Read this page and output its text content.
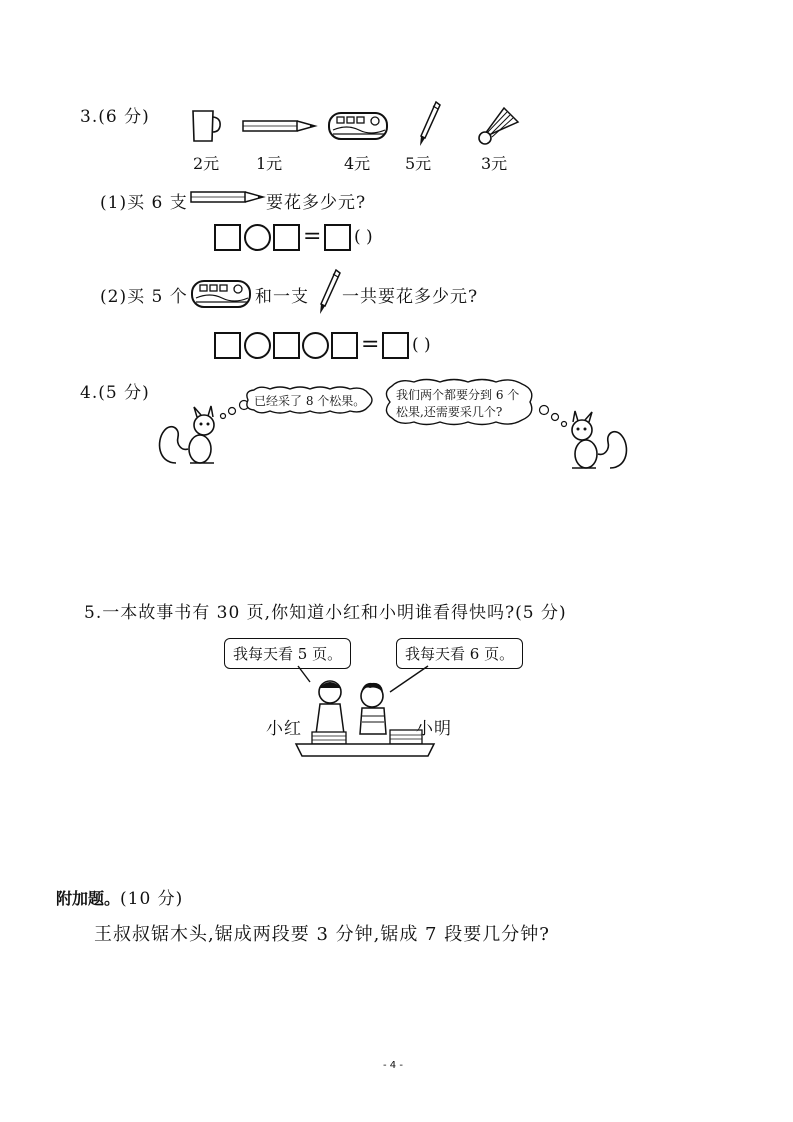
3.(6 分)
2元 1元	4元 5元	3元
(1)买 6 支	要花多少元?
= ( )
(2)买 5 个	和一支 一共要花多少元?
= ( )
4.(5 分)	已经采了 8 个松果。	我们两个都要分到 6 个
松果,还需要采几个?
5.一本故事书有 30 页,你知道小红和小明谁看得快吗?(5 分)
我每天看 5 页。	我每天看 6 页。
小红	小明
附加题。(10 分)
王叔叔锯木头,锯成两段要 3 分钟,锯成 7 段要几分钟?
- 4 -
